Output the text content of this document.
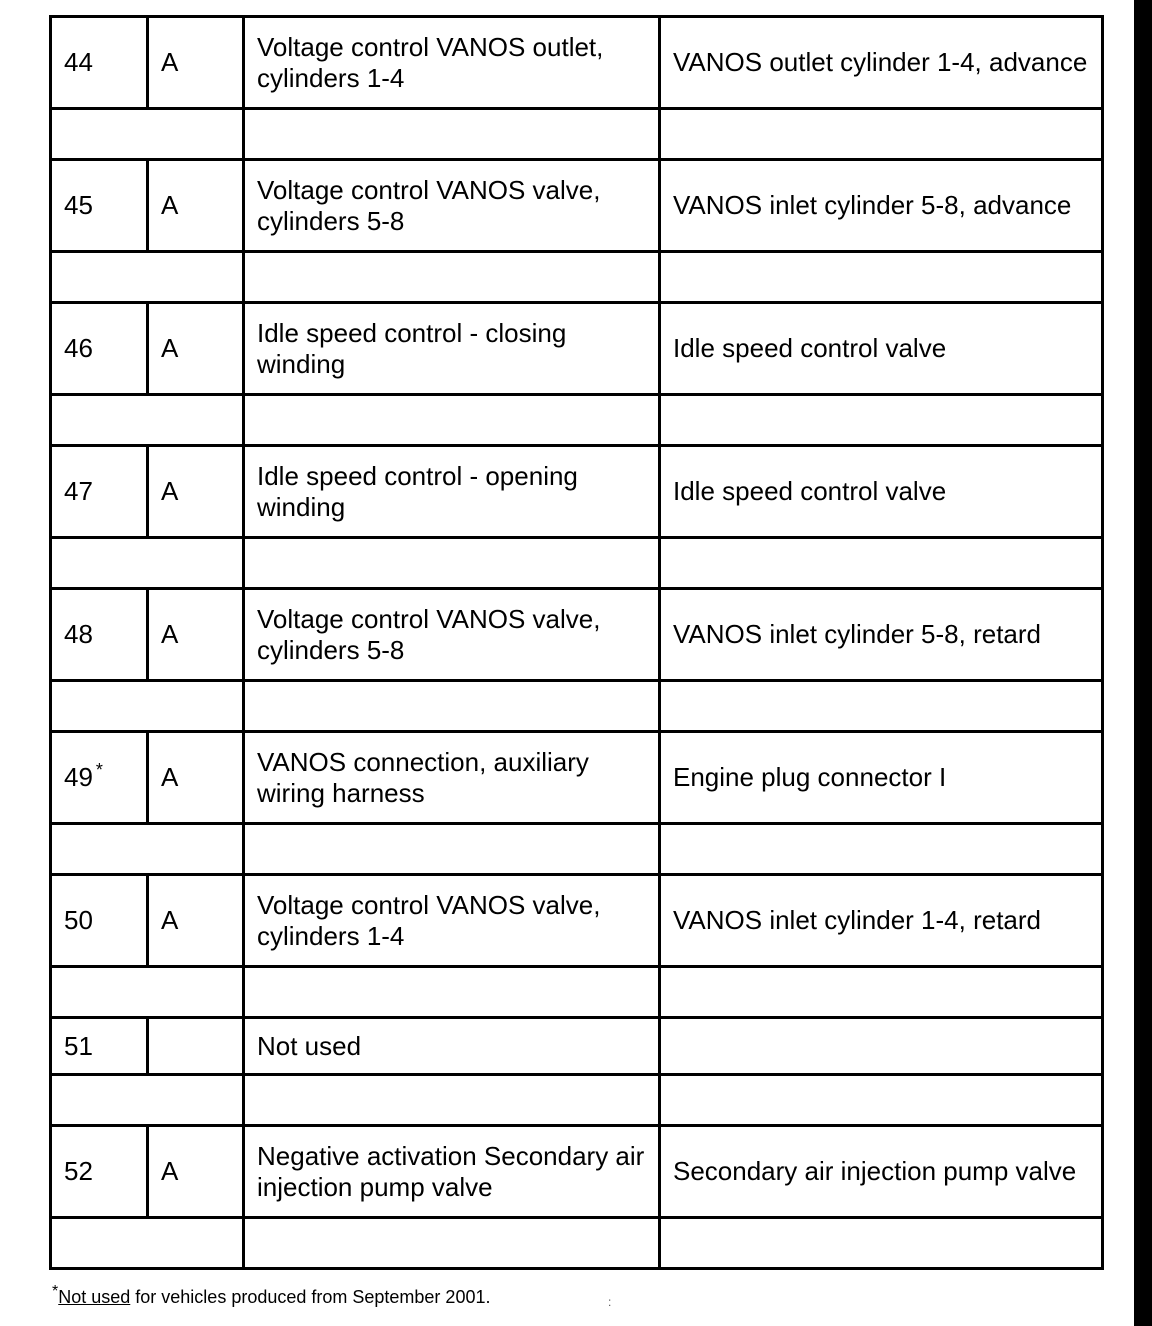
44	A	Voltage control VANOS outlet, cylinders 1-4	VANOS outlet cylinder 1-4, advance

45	A	Voltage control VANOS valve, cylinders 5-8	VANOS inlet cylinder 5-8, advance

46	A	Idle speed control - closing winding	Idle speed control valve

47	A	Idle speed control - opening winding	Idle speed control valve

48	A	Voltage control VANOS valve, cylinders 5-8	VANOS inlet cylinder 5-8, retard

49 *	A	VANOS connection, auxiliary wiring harness	Engine plug connector I

50	A	Voltage control VANOS valve, cylinders 1-4	VANOS inlet cylinder 1-4, retard

51		Not used	

52	A	Negative activation Secondary air injection pump valve	Secondary air injection pump valve

*Not used for vehicles produced from September 2001.	:
